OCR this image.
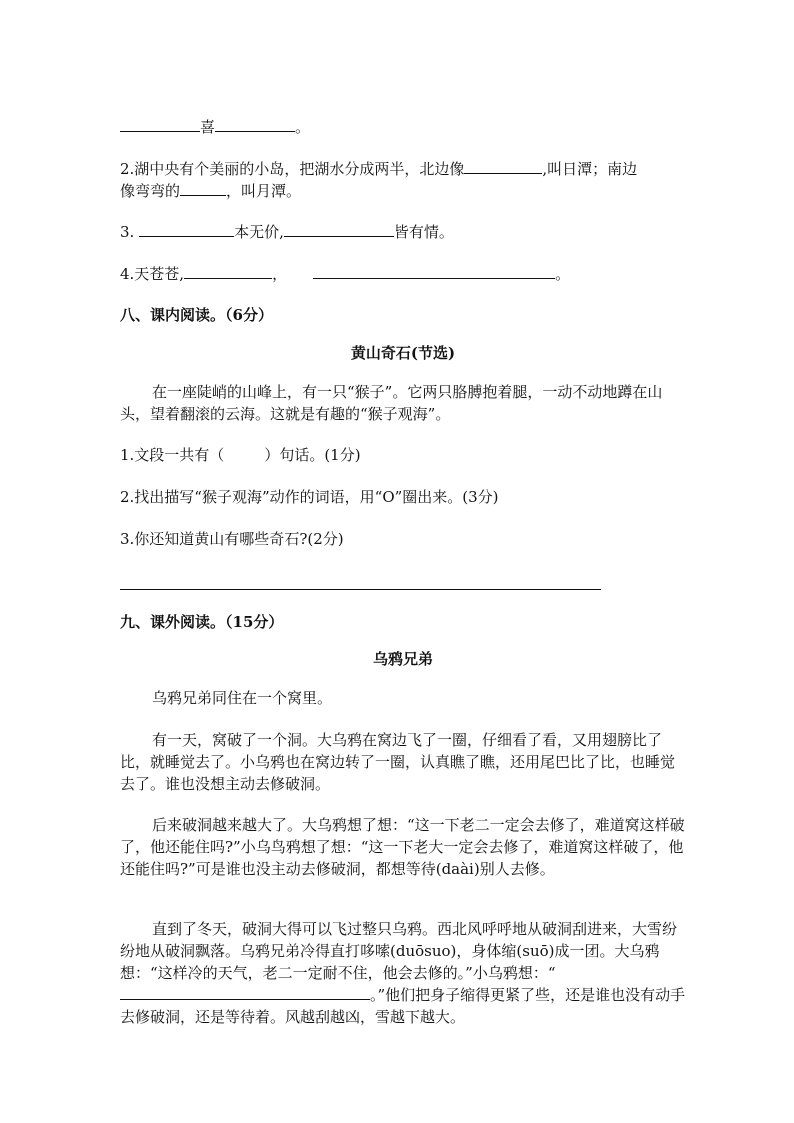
喜	。
2.湖中央有个美丽的小岛，把湖水分成两半，北边像	,叫日潭；南边
像弯弯的	，叫月潭。
3.	本无价,	皆有情。
4.天苍苍,	，	。
八、课内阅读。（6分）
黄山奇石(节选)
在一座陡峭的山峰上，有一只“猴子”。它两只胳膊抱着腿，一动不动地蹲在山头，望着翻滚的云海。这就是有趣的“猴子观海”。
1.文段一共有（	）句话。(1分)
2.找出描写“猴子观海”动作的词语，用“O”圈出来。(3分)
3.你还知道黄山有哪些奇石?(2分)
九、课外阅读。（15分）
乌鸦兄弟
乌鸦兄弟同住在一个窝里。
有一天，窝破了一个洞。大乌鸦在窝边飞了一圈，仔细看了看，又用翅膀比了比，就睡觉去了。小乌鸦也在窝边转了一圈，认真瞧了瞧，还用尾巴比了比，也睡觉去了。谁也没想主动去修破洞。
后来破洞越来越大了。大乌鸦想了想：“这一下老二一定会去修了，难道窝这样破了，他还能住吗?”小乌鸟鸦想了想：“这一下老大一定会去修了，难道窝这样破了，他还能住吗?”可是谁也没主动去修破洞，都想等待(daài)别人去修。
直到了冬天，破洞大得可以飞过整只乌鸦。西北风呼呼地从破洞刮进来，大雪纷纷地从破洞飘落。乌鸦兄弟冷得直打哆嗦(duōsuo)，身体缩(suō)成一团。大乌鸦想：“这样冷的天气，老二一定耐不住，他会去修的。”小乌鸦想：“。”他们把身子缩得更紧了些，还是谁也没有动手去修破洞，还是等待着。风越刮越凶，雪越下越大。
